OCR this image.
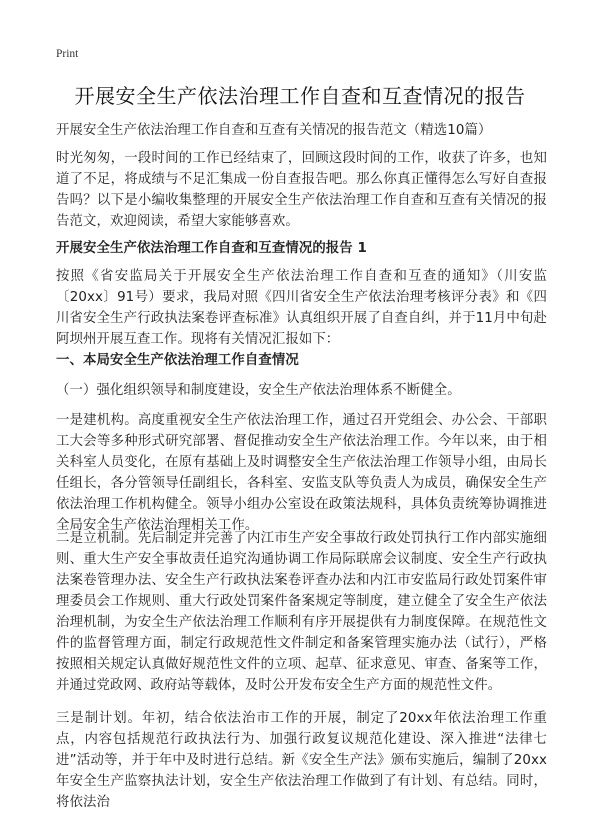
Print
开展安全生产依法治理工作自查和互查情况的报告

开展安全生产依法治理工作自查和互查有关情况的报告范文（精选10篇）

时光匆匆，一段时间的工作已经结束了，回顾这段时间的工作，收获了许多，也知道了不足，将成绩与不足汇集成一份自查报告吧。那么你真正懂得怎么写好自查报告吗？以下是小编收集整理的开展安全生产依法治理工作自查和互查有关情况的报告范文，欢迎阅读，希望大家能够喜欢。

开展安全生产依法治理工作自查和互查情况的报告 1

按照《省安监局关于开展安全生产依法治理工作自查和互查的通知》（川安监〔20xx〕91号）要求，我局对照《四川省安全生产依法治理考核评分表》和《四川省安全生产行政执法案卷评查标准》认真组织开展了自查自纠，并于11月中旬赴阿坝州开展互查工作。现将有关情况汇报如下：

一、本局安全生产依法治理工作自查情况

（一）强化组织领导和制度建设，安全生产依法治理体系不断健全。

一是建机构。高度重视安全生产依法治理工作，通过召开党组会、办公会、干部职工大会等多种形式研究部署、督促推动安全生产依法治理工作。今年以来，由于相关科室人员变化，在原有基础上及时调整安全生产依法治理工作领导小组，由局长任组长，各分管领导任副组长，各科室、安监支队等负责人为成员，确保安全生产依法治理工作机构健全。领导小组办公室设在政策法规科，具体负责统筹协调推进全局安全生产依法治理相关工作。

二是立机制。先后制定并完善了内江市生产安全事故行政处罚执行工作内部实施细则、重大生产安全事故责任追究沟通协调工作局际联席会议制度、安全生产行政执法案卷管理办法、安全生产行政执法案卷评查办法和内江市安监局行政处罚案件审理委员会工作规则、重大行政处罚案件备案规定等制度，建立健全了安全生产依法治理机制，为安全生产依法治理工作顺利有序开展提供有力制度保障。在规范性文件的监督管理方面，制定行政规范性文件制定和备案管理实施办法（试行），严格按照相关规定认真做好规范性文件的立项、起草、征求意见、审查、备案等工作，并通过党政网、政府站等载体，及时公开发布安全生产方面的规范性文件。

三是制计划。年初，结合依法治市工作的开展，制定了20xx年依法治理工作重点，内容包括规范行政执法行为、加强行政复议规范化建设、深入推进“法律七进”活动等，并于年中及时进行总结。新《安全生产法》颁布实施后，编制了20xx年安全生产监察执法计划，安全生产依法治理工作做到了有计划、有总结。同时，将依法治
